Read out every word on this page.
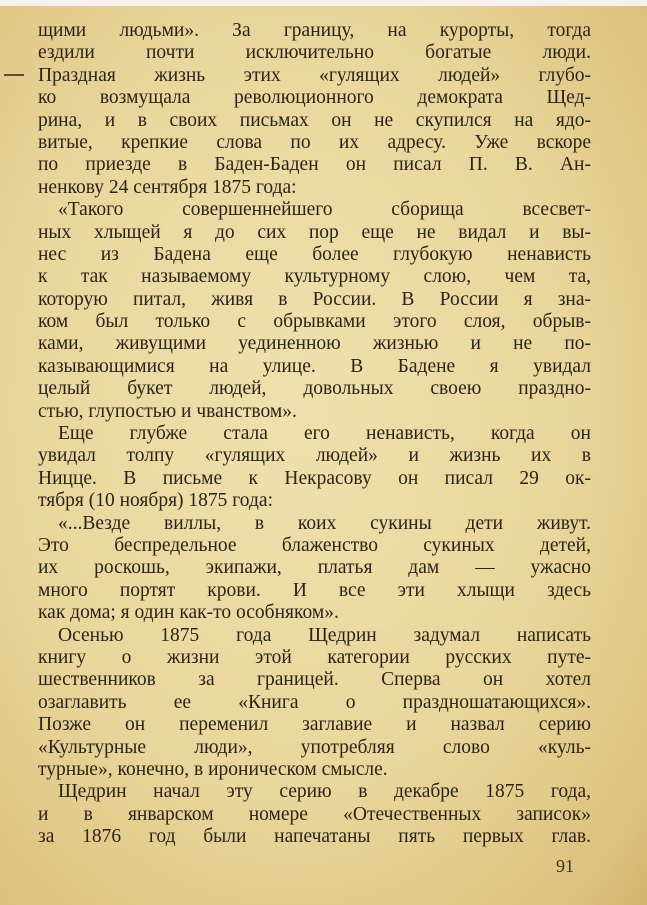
щими людьми». За границу, на курорты, тогда
ездили почти исключительно богатые люди.
Праздная жизнь этих «гулящих людей» глубо-
ко возмущала революционного демократа Щед-
рина, и в своих письмах он не скупился на ядо-
витые, крепкие слова по их адресу. Уже вскоре
по приезде в Баден-Баден он писал П. В. Ан-
ненкову 24 сентября 1875 года:
«Такого совершеннейшего сборища всесвет-
ных хлыщей я до сих пор еще не видал и вы-
нес из Бадена еще более глубокую ненависть
к так называемому культурному слою, чем та,
которую питал, живя в России. В России я зна-
ком был только с обрывками этого слоя, обрыв-
ками, живущими уединенною жизнью и не по-
казывающимися на улице. В Бадене я увидал
целый букет людей, довольных своею праздно-
стью, глупостью и чванством».
Еще глубже стала его ненависть, когда он
увидал толпу «гулящих людей» и жизнь их в
Ницце. В письме к Некрасову он писал 29 ок-
тября (10 ноября) 1875 года:
«...Везде виллы, в коих сукины дети живут.
Это беспредельное блаженство сукиных детей,
их роскошь, экипажи, платья дам — ужасно
много портят крови. И все эти хлыщи здесь
как дома; я один как-то особняком».
Осенью 1875 года Щедрин задумал написать
книгу о жизни этой категории русских путе-
шественников за границей. Сперва он хотел
озаглавить ее «Книга о праздношатающихся».
Позже он переменил заглавие и назвал серию
«Культурные люди», употребляя слово «куль-
турные», конечно, в ироническом смысле.
Щедрин начал эту серию в декабре 1875 года,
и в январском номере «Отечественных записок»
за 1876 год были напечатаны пять первых глав.
91
